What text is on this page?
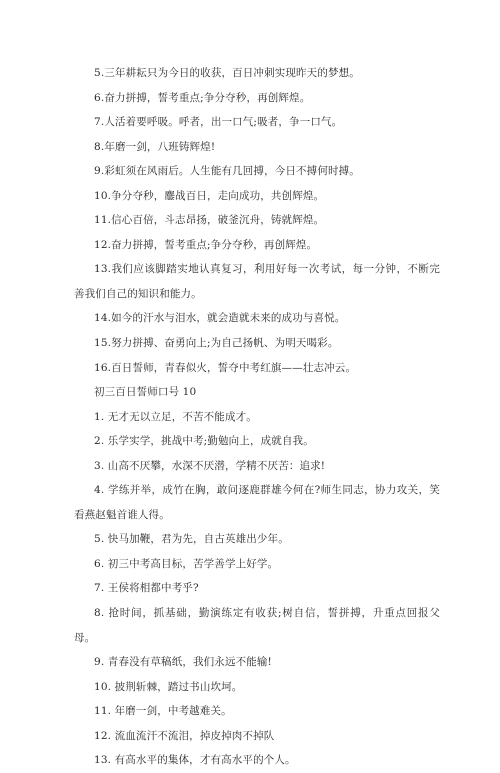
5.三年耕耘只为今日的收获，百日冲刺实现昨天的梦想。
6.奋力拼搏，誓考重点;争分夺秒，再创辉煌。
7.人活着要呼吸。呼者，出一口气;吸者，争一口气。
8.年磨一剑，八班铸辉煌!
9.彩虹须在风雨后。人生能有几回搏，今日不搏何时搏。
10.争分夺秒，鏖战百日，走向成功，共创辉煌。
11.信心百倍，斗志昂扬，破釜沉舟，铸就辉煌。
12.奋力拼搏，誓考重点;争分夺秒，再创辉煌。
13.我们应该脚踏实地认真复习，利用好每一次考试，每一分钟，不断完善我们自己的知识和能力。
14.如今的汗水与泪水，就会造就未来的成功与喜悦。
15.努力拼搏、奋勇向上;为自己扬帆、为明天喝彩。
16.百日誓师，青春似火，誓夺中考红旗——壮志冲云。
初三百日誓师口号 10
1. 无才无以立足，不苦不能成才。
2. 乐学实学，挑战中考;勤勉向上，成就自我。
3. 山高不厌攀，水深不厌潜，学精不厌苦：追求!
4. 学练并举，成竹在胸，敢问逐鹿群雄今何在?师生同志，协力攻关，笑看燕赵魁首谁人得。
5. 快马加鞭，君为先，自古英雄出少年。
6. 初三中考高目标，苦学善学上好学。
7. 王侯将相都中考乎?
8. 抢时间，抓基础，勤演练定有收获;树自信，誓拼搏，升重点回报父母。
9. 青春没有草稿纸，我们永远不能输!
10. 披荆斩棘，踏过书山坎坷。
11. 年磨一剑，中考越难关。
12. 流血流汗不流泪，掉皮掉肉不掉队
13. 有高水平的集体，才有高水平的个人。
